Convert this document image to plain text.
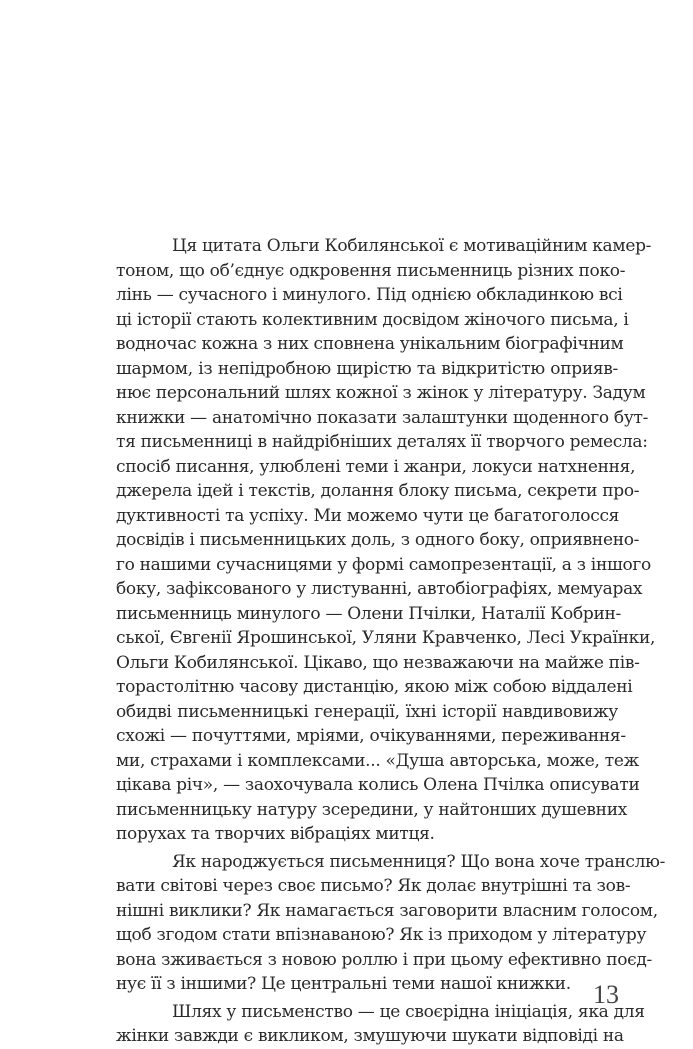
Ця цитата Ольги Кобилянської є мотиваційним камер-
тоном, що об’єднує одкровення письменниць різних поко-
лінь — сучасного і минулого. Під однією обкладинкою всі
ці історії стають колективним досвідом жіночого письма, і
водночас кожна з них сповнена унікальним біографічним
шармом, із непідробною щирістю та відкритістю оприяв-
нює персональний шлях кожної з жінок у літературу. Задум
книжки — анатомічно показати залаштунки щоденного бут-
тя письменниці в найдрібніших деталях її творчого ремесла:
спосіб писання, улюблені теми і жанри, локуси натхнення,
джерела ідей і текстів, долання блоку письма, секрети про-
дуктивності та успіху. Ми можемо чути це багатоголосся
досвідів і письменницьких доль, з одного боку, оприявнено-
го нашими сучасницями у формі самопрезентації, а з іншого
боку, зафіксованого у листуванні, автобіографіях, мемуарах
письменниць минулого — Олени Пчілки, Наталії Кобрин-
ської, Євгенії Ярошинської, Уляни Кравченко, Лесі Українки,
Ольги Кобилянської. Цікаво, що незважаючи на майже пів-
торастолітню часову дистанцію, якою між собою віддалені
обидві письменницькі генерації, їхні історії навдивовижу
схожі — почуттями, мріями, очікуваннями, переживання-
ми, страхами і комплексами... «Душа авторська, може, теж
цікава річ», — заохочувала колись Олена Пчілка описувати
письменницьку натуру зсередини, у найтонших душевних
порухах та творчих вібраціях митця.
Як народжується письменниця? Що вона хоче транслю-
вати світові через своє письмо? Як долає внутрішні та зов-
нішні виклики? Як намагається заговорити власним голосом,
щоб згодом стати впізнаваною? Як із приходом у літературу
вона зживається з новою роллю і при цьому ефективно поєд-
нує її з іншими? Це центральні теми нашої книжки.
Шлях у письменство — це своєрідна ініціація, яка для
жінки завжди є викликом, змушуючи шукати відповіді на
13
